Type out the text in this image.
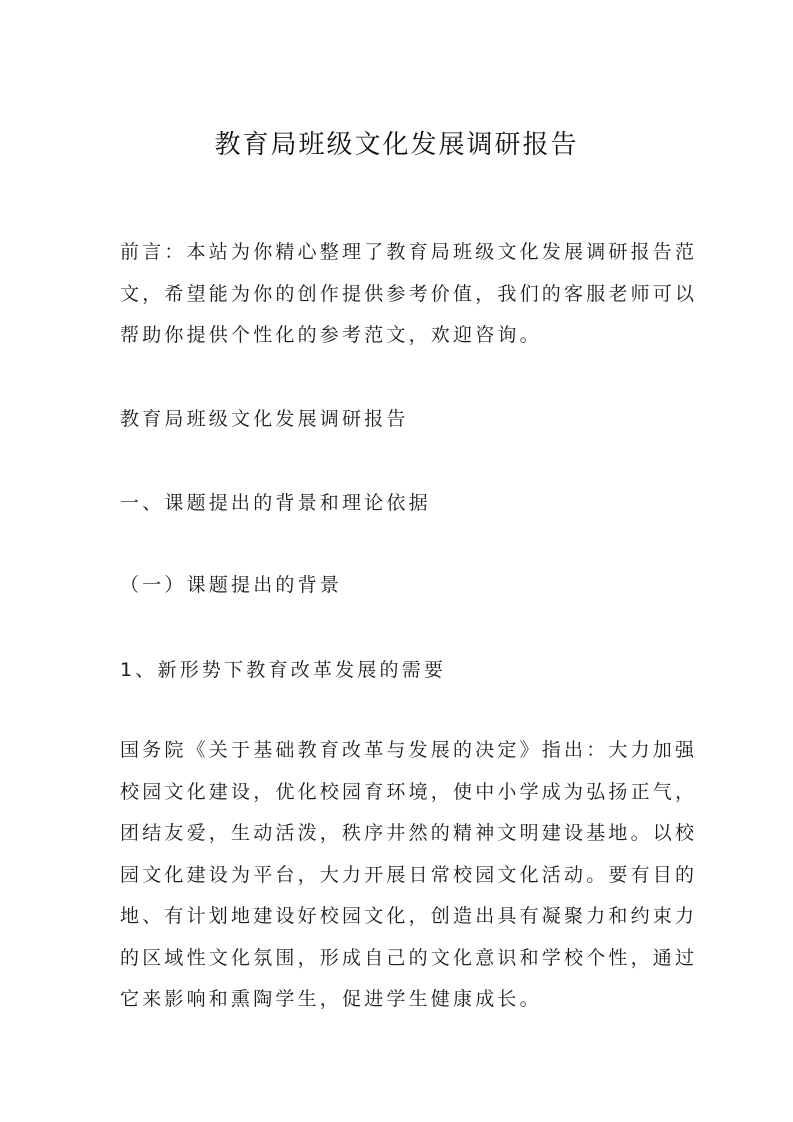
教育局班级文化发展调研报告
前言：本站为你精心整理了教育局班级文化发展调研报告范
文，希望能为你的创作提供参考价值，我们的客服老师可以
帮助你提供个性化的参考范文，欢迎咨询。

教育局班级文化发展调研报告

一、课题提出的背景和理论依据

（一）课题提出的背景

1、新形势下教育改革发展的需要

国务院《关于基础教育改革与发展的决定》指出：大力加强
校园文化建设，优化校园育环境，使中小学成为弘扬正气，
团结友爱，生动活泼，秩序井然的精神文明建设基地。以校
园文化建设为平台，大力开展日常校园文化活动。要有目的
地、有计划地建设好校园文化，创造出具有凝聚力和约束力
的区域性文化氛围，形成自己的文化意识和学校个性，通过
它来影响和熏陶学生，促进学生健康成长。
